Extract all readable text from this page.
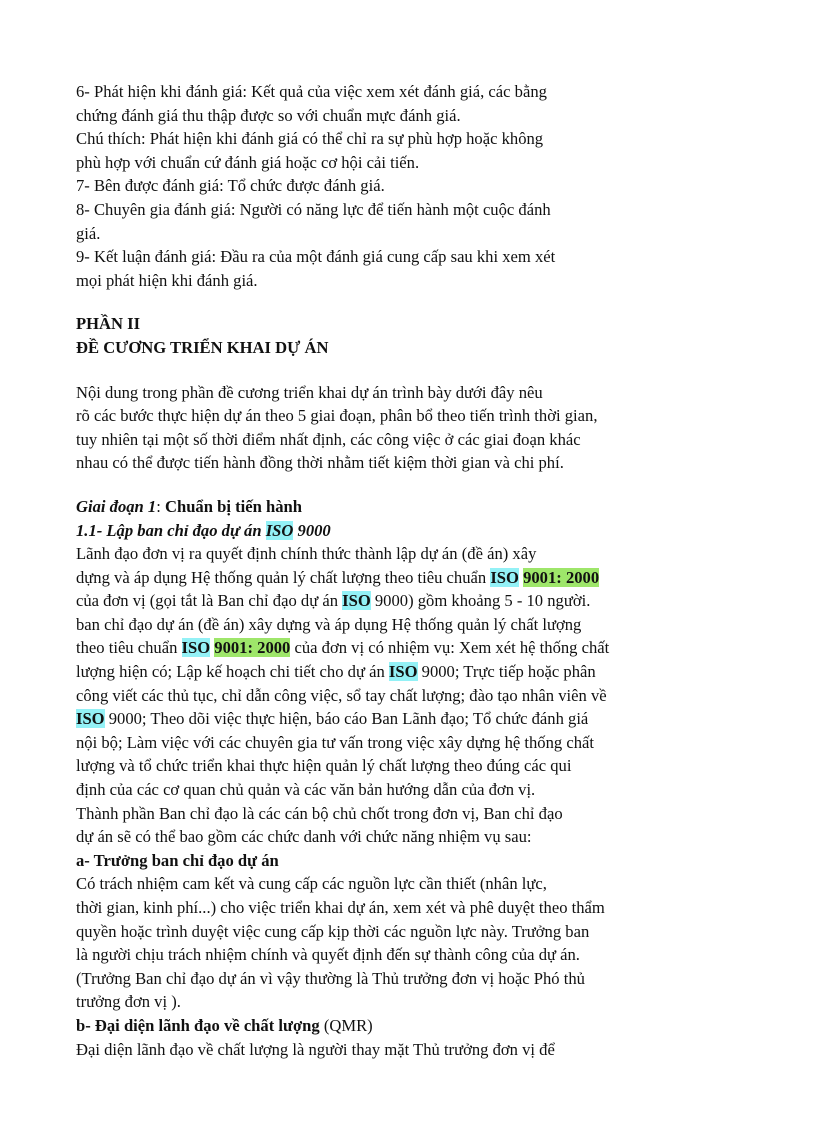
6- Phát hiện khi đánh giá: Kết quả của việc xem xét đánh giá, các bằng
chứng đánh giá thu thập được so với chuẩn mực đánh giá.
Chú thích: Phát hiện khi đánh giá có thể chỉ ra sự phù hợp hoặc không
phù hợp với chuẩn cứ đánh giá hoặc cơ hội cải tiến.
7- Bên được đánh giá: Tổ chức được đánh giá.
8- Chuyên gia đánh giá: Người có năng lực để tiến hành một cuộc đánh
giá.
9- Kết luận đánh giá: Đầu ra của một đánh giá cung cấp sau khi xem xét
mọi phát hiện khi đánh giá.
PHẦN II
ĐỀ CƯƠNG TRIỂN KHAI DỰ ÁN
Nội dung trong phần đề cương triển khai dự án trình bày dưới đây nêu
rõ các bước thực hiện dự án theo 5 giai đoạn, phân bổ theo tiến trình thời gian,
tuy nhiên tại một số thời điểm nhất định, các công việc ở các giai đoạn khác
nhau có thể được tiến hành đồng thời nhằm tiết kiệm thời gian và chi phí.
Giai đoạn 1: Chuẩn bị tiến hành
1.1- Lập ban chỉ đạo dự án ISO 9000
Lãnh đạo đơn vị ra quyết định chính thức thành lập dự án (đề án) xây
dựng và áp dụng Hệ thống quản lý chất lượng theo tiêu chuẩn ISO 9001: 2000
của đơn vị (gọi tắt là Ban chỉ đạo dự án ISO 9000) gồm khoảng 5 - 10 người.
ban chỉ đạo dự án (đề án) xây dựng và áp dụng Hệ thống quản lý chất lượng
theo tiêu chuẩn ISO 9001: 2000 của đơn vị có nhiệm vụ: Xem xét hệ thống chất
lượng hiện có; Lập kế hoạch chi tiết cho dự án ISO 9000; Trực tiếp hoặc phân
công viết các thủ tục, chỉ dẫn công việc, sổ tay chất lượng; đào tạo nhân viên về
ISO 9000; Theo dõi việc thực hiện, báo cáo Ban Lãnh đạo; Tổ chức đánh giá
nội bộ; Làm việc với các chuyên gia tư vấn trong việc xây dựng hệ thống chất
lượng và tổ chức triển khai thực hiện quản lý chất lượng theo đúng các qui
định của các cơ quan chủ quản và các văn bản hướng dẫn của đơn vị.
Thành phần Ban chỉ đạo là các cán bộ chủ chốt trong đơn vị, Ban chỉ đạo
dự án sẽ có thể bao gồm các chức danh với chức năng nhiệm vụ sau:
a- Trưởng ban chỉ đạo dự án
Có trách nhiệm cam kết và cung cấp các nguồn lực cần thiết (nhân lực,
thời gian, kinh phí...) cho việc triển khai dự án, xem xét và phê duyệt theo thẩm
quyền hoặc trình duyệt việc cung cấp kịp thời các nguồn lực này. Trưởng ban
là người chịu trách nhiệm chính và quyết định đến sự thành công của dự án.
(Trưởng Ban chỉ đạo dự án vì vậy thường là Thủ trưởng đơn vị hoặc Phó thủ
trưởng đơn vị ).
b- Đại diện lãnh đạo về chất lượng (QMR)
Đại diện lãnh đạo về chất lượng là người thay mặt Thủ trưởng đơn vị để
